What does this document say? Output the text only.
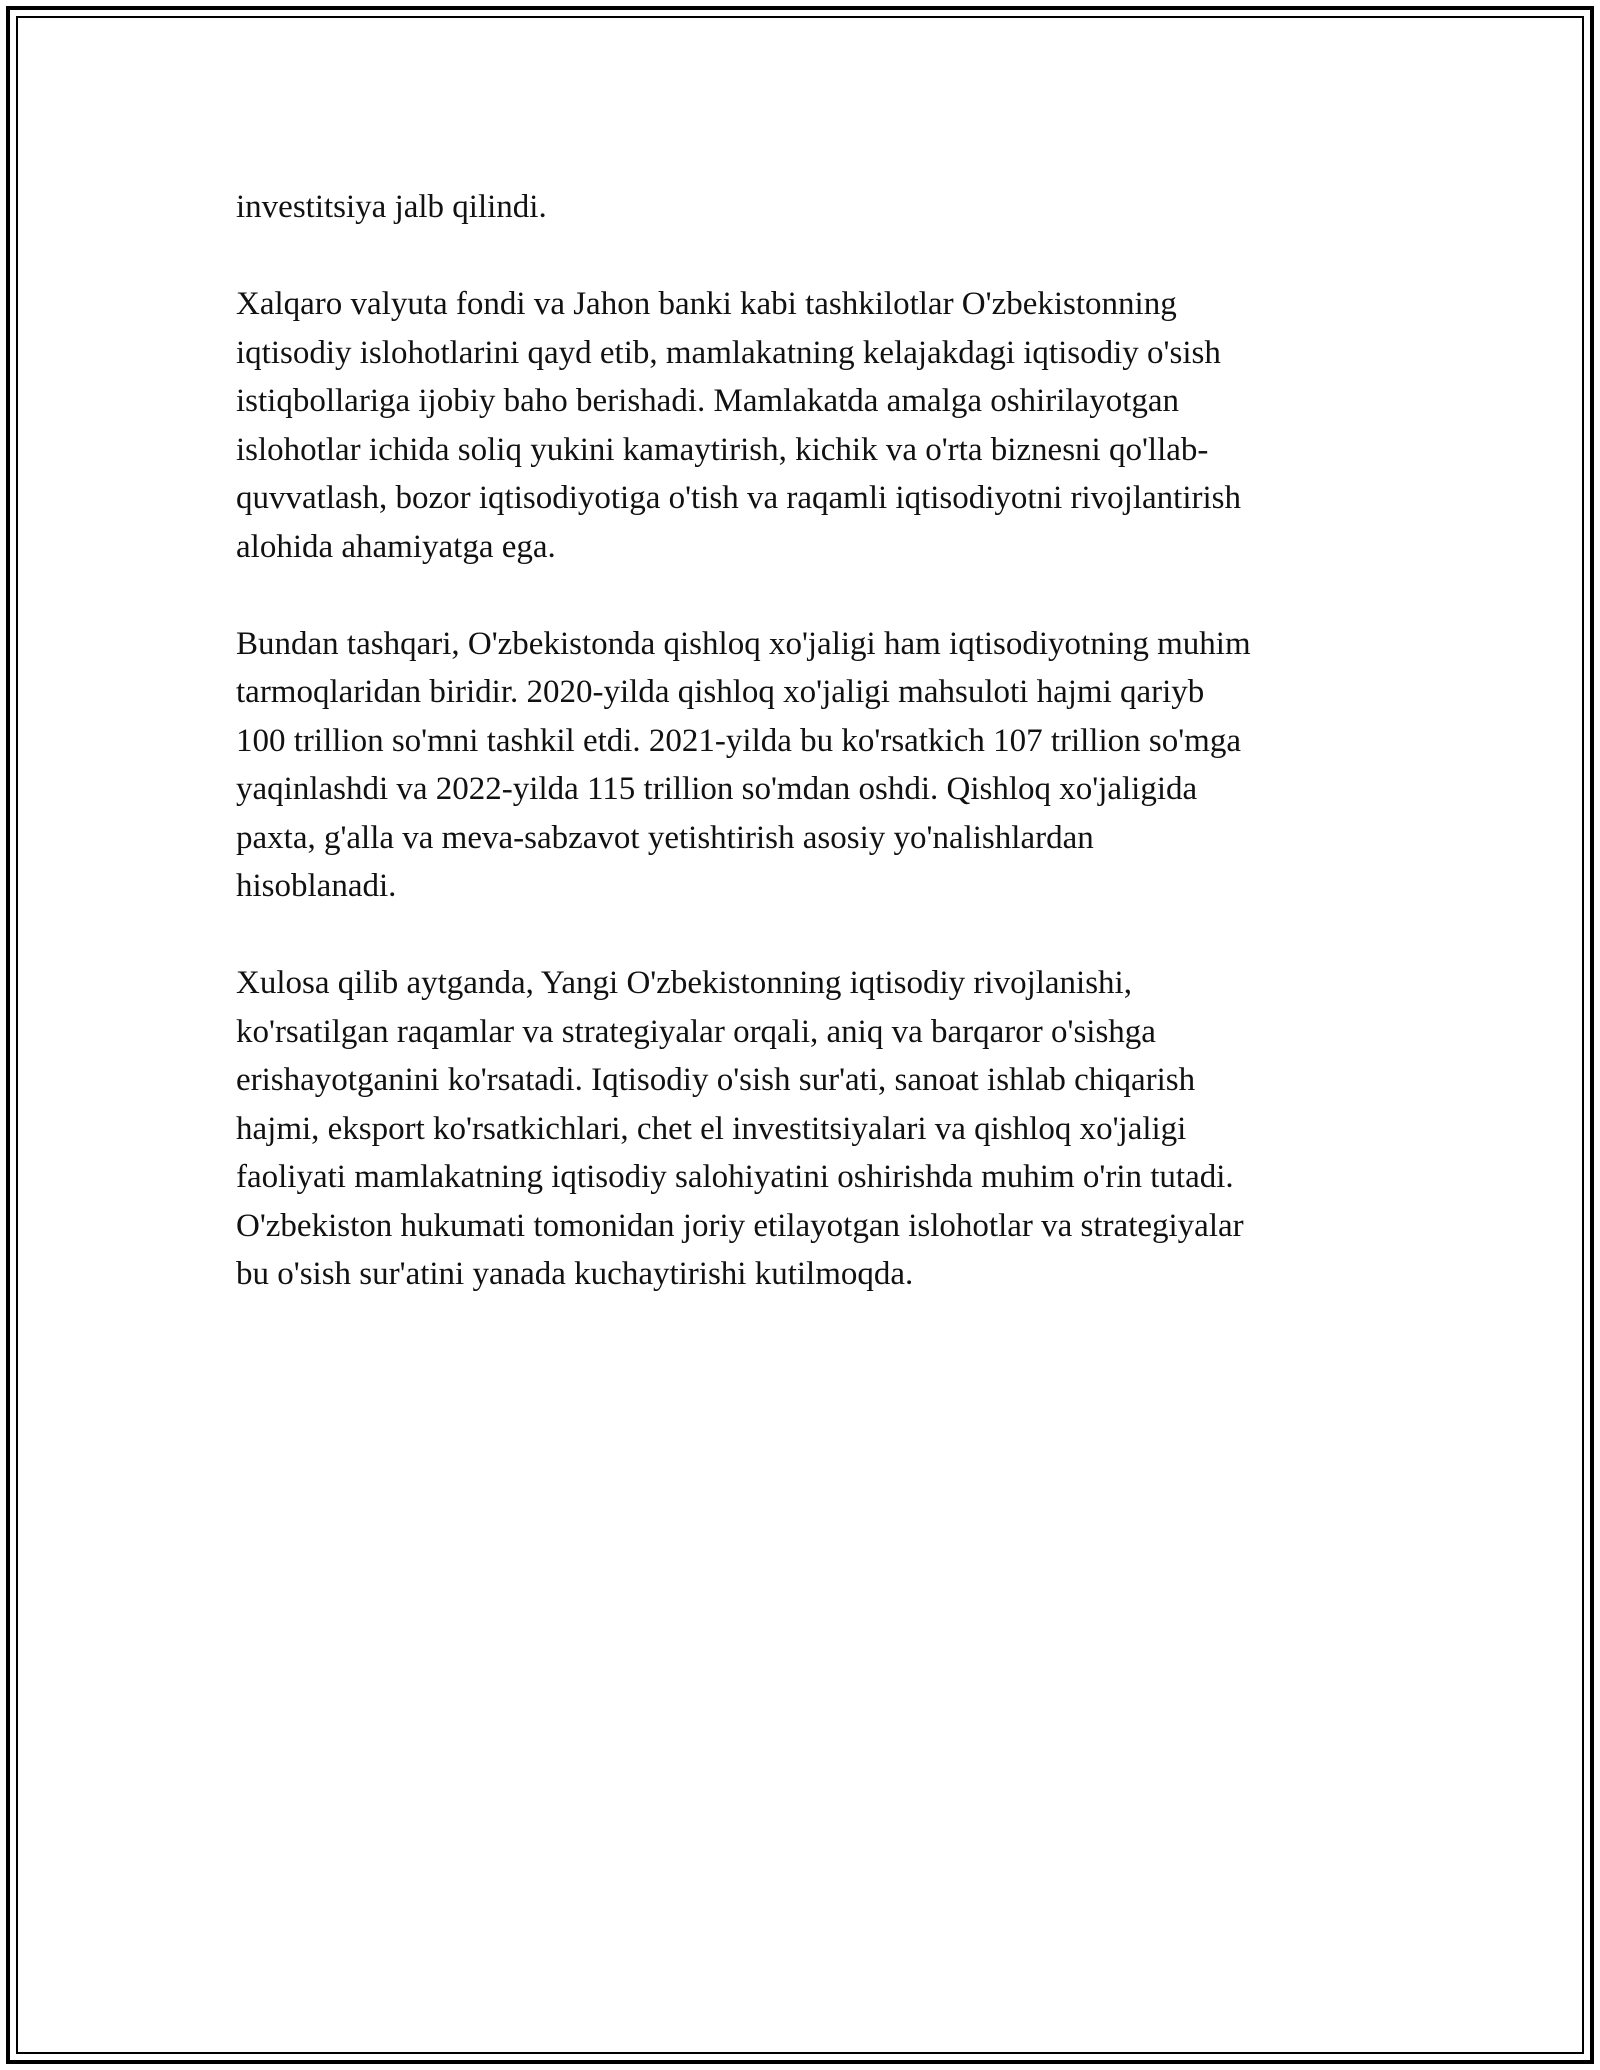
investitsiya jalb qilindi.

Xalqaro valyuta fondi va Jahon banki kabi tashkilotlar O'zbekistonning
iqtisodiy islohotlarini qayd etib, mamlakatning kelajakdagi iqtisodiy o'sish
istiqbollariga ijobiy baho berishadi. Mamlakatda amalga oshirilayotgan
islohotlar ichida soliq yukini kamaytirish, kichik va o'rta biznesni qo'llab-
quvvatlash, bozor iqtisodiyotiga o'tish va raqamli iqtisodiyotni rivojlantirish
alohida ahamiyatga ega.

Bundan tashqari, O'zbekistonda qishloq xo'jaligi ham iqtisodiyotning muhim
tarmoqlaridan biridir. 2020-yilda qishloq xo'jaligi mahsuloti hajmi qariyb
100 trillion so'mni tashkil etdi. 2021-yilda bu ko'rsatkich 107 trillion so'mga
yaqinlashdi va 2022-yilda 115 trillion so'mdan oshdi. Qishloq xo'jaligida
paxta, g'alla va meva-sabzavot yetishtirish asosiy yo'nalishlardan
hisoblanadi.

Xulosa qilib aytganda, Yangi O'zbekistonning iqtisodiy rivojlanishi,
ko'rsatilgan raqamlar va strategiyalar orqali, aniq va barqaror o'sishga
erishayotganini ko'rsatadi. Iqtisodiy o'sish sur'ati, sanoat ishlab chiqarish
hajmi, eksport ko'rsatkichlari, chet el investitsiyalari va qishloq xo'jaligi
faoliyati mamlakatning iqtisodiy salohiyatini oshirishda muhim o'rin tutadi.
O'zbekiston hukumati tomonidan joriy etilayotgan islohotlar va strategiyalar
bu o'sish sur'atini yanada kuchaytirishi kutilmoqda.
